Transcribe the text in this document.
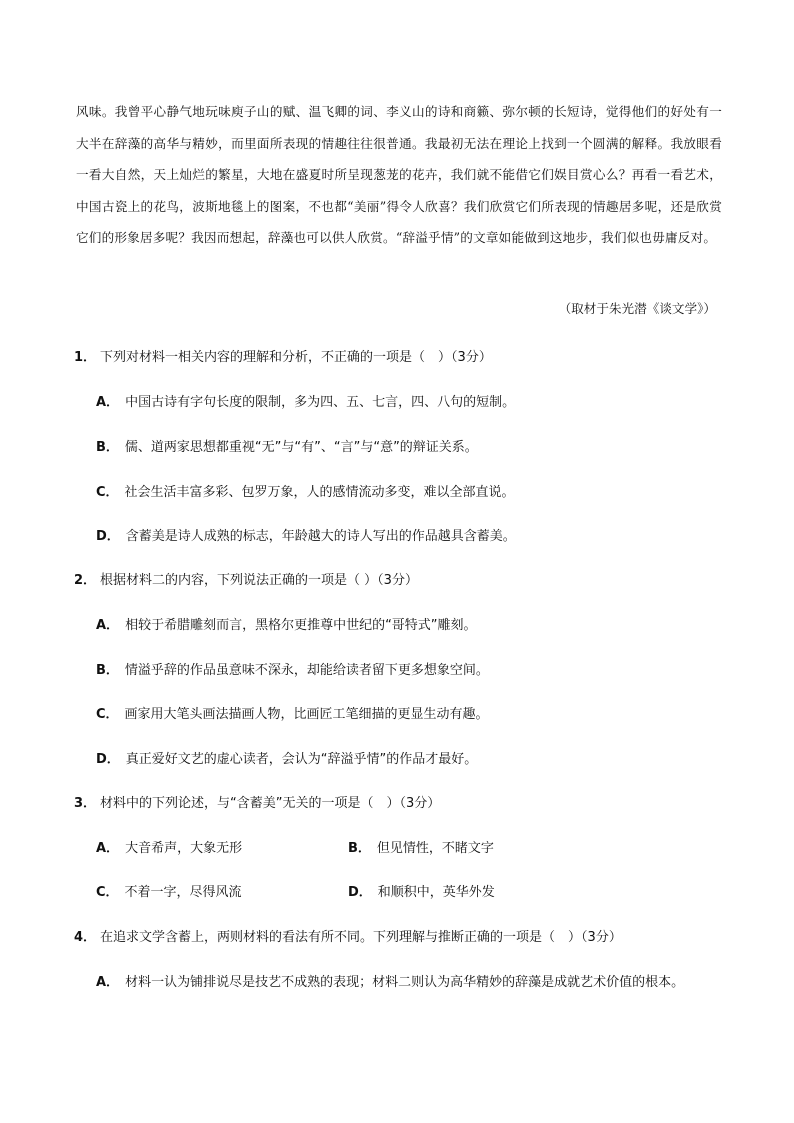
风味。我曾平心静气地玩味庾子山的赋、温飞卿的词、李义山的诗和商籁、弥尔顿的长短诗，觉得他们的好处有一大半在辞藻的高华与精妙，而里面所表现的情趣往往很普通。我最初无法在理论上找到一个圆满的解释。我放眼看一看大自然，天上灿烂的繁星，大地在盛夏时所呈现葱茏的花卉，我们就不能借它们娱目赏心么？再看一看艺术，中国古瓷上的花鸟，波斯地毯上的图案，不也都“美丽”得令人欣喜？我们欣赏它们所表现的情趣居多呢，还是欣赏它们的形象居多呢？我因而想起，辞藻也可以供人欣赏。“辞溢乎情”的文章如能做到这地步，我们似也毋庸反对。

（取材于朱光潜《谈文学》）

1． 下列对材料一相关内容的理解和分析，不正确的一项是（　）（3分）

A． 中国古诗有字句长度的限制，多为四、五、七言，四、八句的短制。

B． 儒、道两家思想都重视“无”与“有”、“言”与“意”的辩证关系。

C． 社会生活丰富多彩、包罗万象，人的感情流动多变，难以全部直说。

D． 含蓄美是诗人成熟的标志，年龄越大的诗人写出的作品越具含蓄美。

2． 根据材料二的内容，下列说法正确的一项是（ ）（3分）

A． 相较于希腊雕刻而言，黑格尔更推尊中世纪的“哥特式”雕刻。

B． 情溢乎辞的作品虽意味不深永，却能给读者留下更多想象空间。

C． 画家用大笔头画法描画人物，比画匠工笔细描的更显生动有趣。

D． 真正爱好文艺的虚心读者，会认为“辞溢乎情”的作品才最好。

3． 材料中的下列论述，与“含蓄美”无关的一项是（　）（3分）

A． 大音希声，大象无形	B． 但见情性，不睹文字

C． 不着一字，尽得风流	D． 和顺积中，英华外发

4． 在追求文学含蓄上，两则材料的看法有所不同。下列理解与推断正确的一项是（　）（3分）

A． 材料一认为铺排说尽是技艺不成熟的表现；材料二则认为高华精妙的辞藻是成就艺术价值的根本。
